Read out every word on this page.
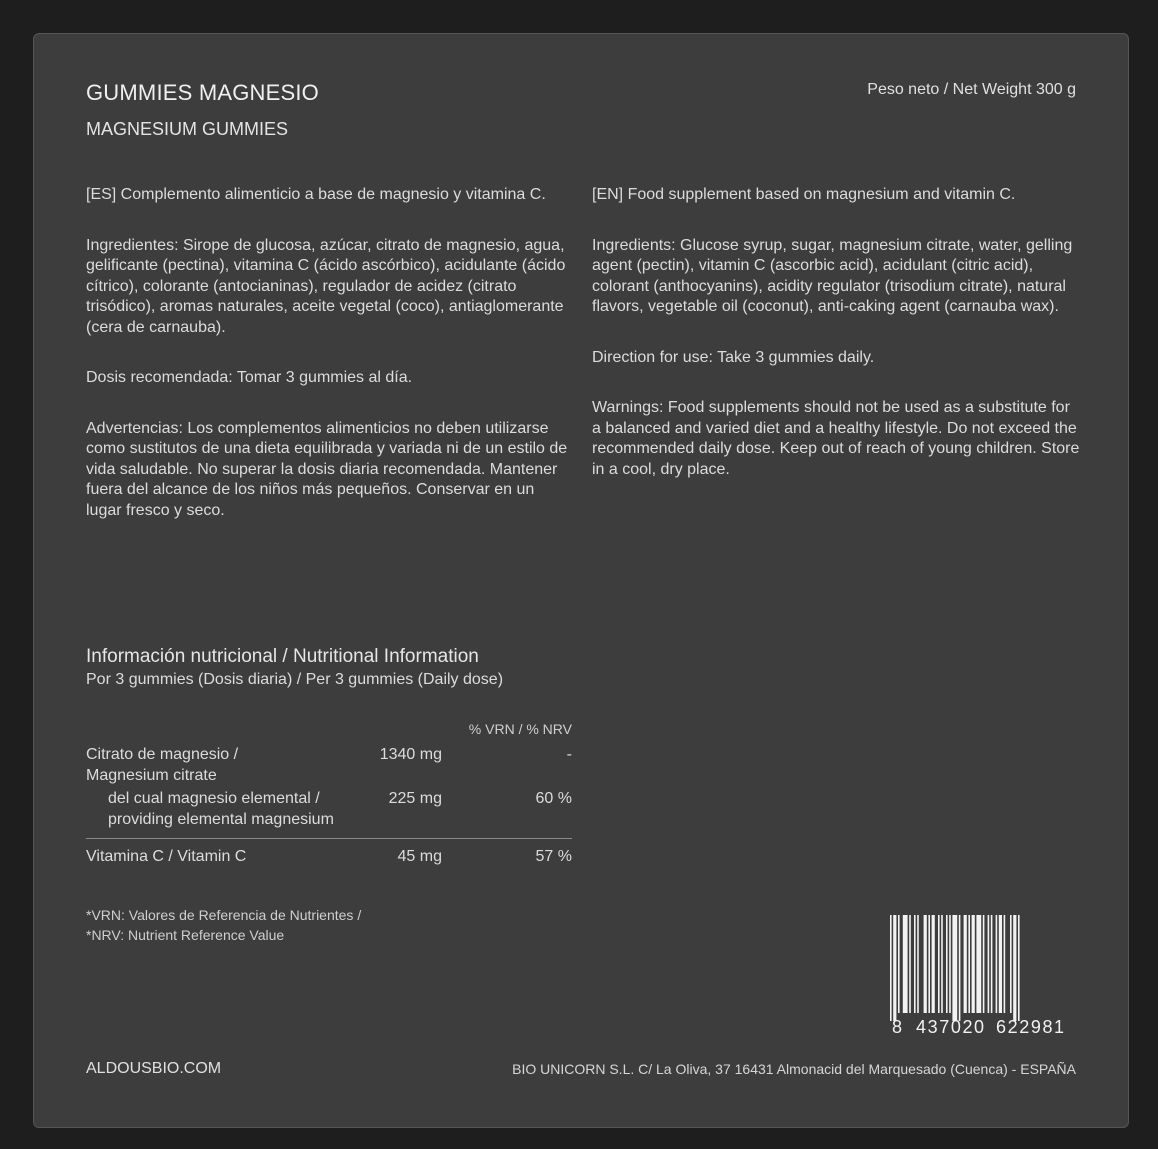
GUMMIES MAGNESIO
MAGNESIUM GUMMIES
Peso neto / Net Weight 300 g

[ES] Complemento alimenticio a base de magnesio y vitamina C.

Ingredientes: Sirope de glucosa, azúcar, citrato de magnesio, agua, gelificante (pectina), vitamina C (ácido ascórbico), acidulante (ácido cítrico), colorante (antocianinas), regulador de acidez (citrato trisódico), aromas naturales, aceite vegetal (coco), antiaglomerante (cera de carnauba).

Dosis recomendada: Tomar 3 gummies al día.

Advertencias: Los complementos alimenticios no deben utilizarse como sustitutos de una dieta equilibrada y variada ni de un estilo de vida saludable. No superar la dosis diaria recomendada. Mantener fuera del alcance de los niños más pequeños. Conservar en un lugar fresco y seco.

[EN] Food supplement based on magnesium and vitamin C.

Ingredients: Glucose syrup, sugar, magnesium citrate, water, gelling agent (pectin), vitamin C (ascorbic acid), acidulant (citric acid), colorant (anthocyanins), acidity regulator (trisodium citrate), natural flavors, vegetable oil (coconut), anti-caking agent (carnauba wax).

Direction for use: Take 3 gummies daily.

Warnings: Food supplements should not be used as a substitute for a balanced and varied diet and a healthy lifestyle. Do not exceed the recommended daily dose. Keep out of reach of young children. Store in a cool, dry place.

Información nutricional / Nutritional Information
Por 3 gummies (Dosis diaria) / Per 3 gummies (Daily dose)
% VRN / % NRV
Citrato de magnesio /
Magnesium citrate
1340 mg	-
del cual magnesio elemental /
providing elemental magnesium
225 mg	60 %
Vitamina C / Vitamin C	45 mg	57 %
*VRN: Valores de Referencia de Nutrientes /
*NRV: Nutrient Reference Value
8 437020 622981
ALDOUSBIO.COM	BIO UNICORN S.L. C/ La Oliva, 37 16431 Almonacid del Marquesado (Cuenca) - ESPAÑA
